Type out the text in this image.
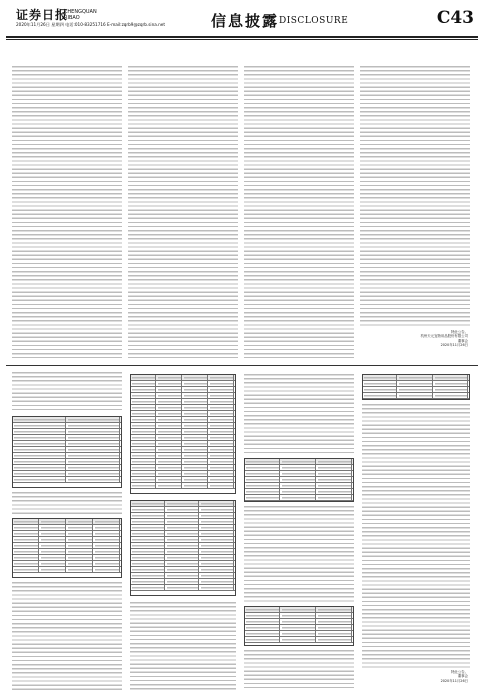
证券日报
ZHENGQUAN RIBAO
2020年11月26日 星期四 电话:010-83251716 E-mail:zqrb9@zqrb.sina.net	信息披露 DISCLOSURE	C43
特此公告。
杭州天元宠物用品股份有限公司
董事会
2020年11月26日
特此公告。
董事会
2020年11月26日
